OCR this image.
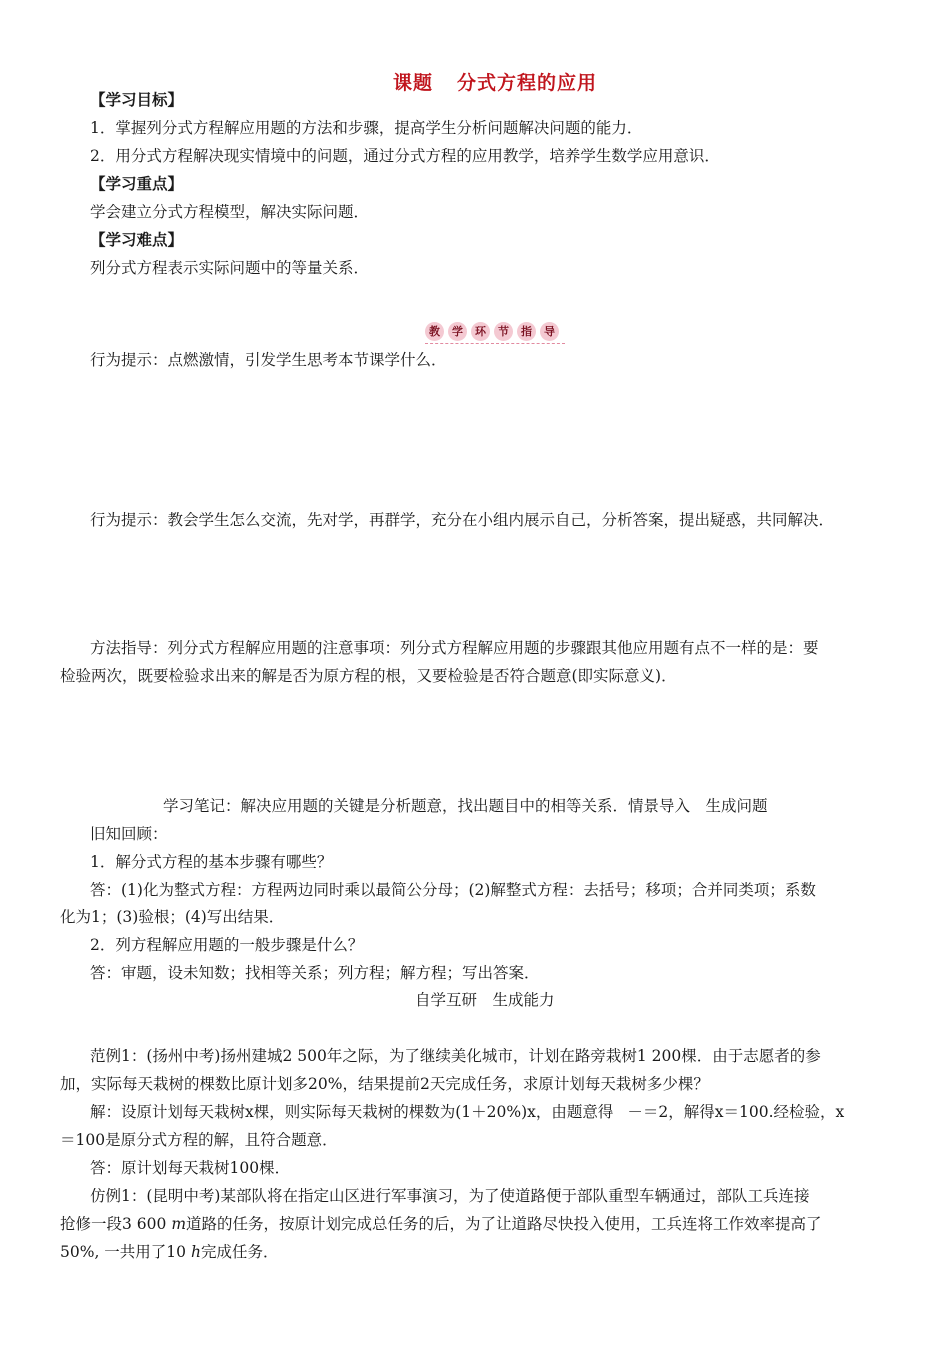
课题 分式方程的应用
【学习目标】
1．掌握列分式方程解应用题的方法和步骤，提高学生分析问题解决问题的能力．
2．用分式方程解决现实情境中的问题，通过分式方程的应用教学，培养学生数学应用意识．
【学习重点】
学会建立分式方程模型，解决实际问题．
【学习难点】
列分式方程表示实际问题中的等量关系．
教 学 环 节 指 导
行为提示：点燃激情，引发学生思考本节课学什么．
行为提示：教会学生怎么交流，先对学，再群学，充分在小组内展示自己，分析答案，提出疑惑，共同解决．
方法指导：列分式方程解应用题的注意事项：列分式方程解应用题的步骤跟其他应用题有点不一样的是：要
检验两次，既要检验求出来的解是否为原方程的根，又要检验是否符合题意(即实际意义)．
学习笔记：解决应用题的关键是分析题意，找出题目中的相等关系．情景导入　生成问题
旧知回顾：
1．解分式方程的基本步骤有哪些？
答：(1)化为整式方程：方程两边同时乘以最简公分母；(2)解整式方程：去括号；移项；合并同类项；系数
化为1；(3)验根；(4)写出结果．
2．列方程解应用题的一般步骤是什么？
答：审题，设未知数；找相等关系；列方程；解方程；写出答案．
自学互研　生成能力
范例1：(扬州中考)扬州建城2 500年之际，为了继续美化城市，计划在路旁栽树1 200棵．由于志愿者的参
加，实际每天栽树的棵数比原计划多20%，结果提前2天完成任务，求原计划每天栽树多少棵？
解：设原计划每天栽树x棵，则实际每天栽树的棵数为(1＋20%)x，由题意得 －＝2，解得x＝100.经检验，x
＝100是原分式方程的解，且符合题意．
答：原计划每天栽树100棵．
仿例1：(昆明中考)某部队将在指定山区进行军事演习，为了使道路便于部队重型车辆通过，部队工兵连接
抢修一段3 600 m道路的任务，按原计划完成总任务的后，为了让道路尽快投入使用，工兵连将工作效率提高了
50%, 一共用了10 h完成任务．
